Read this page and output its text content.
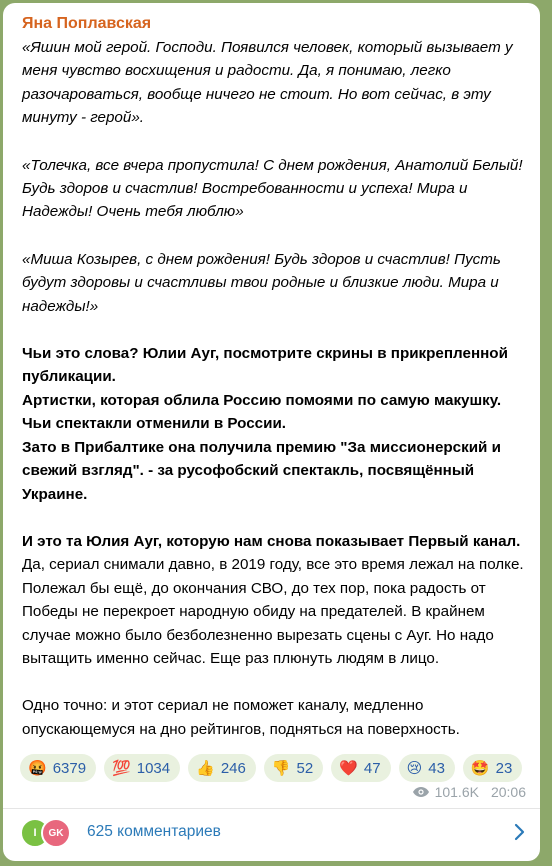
Яна Поплавская

«Яшин мой герой. Господи. Появился человек, который вызывает у меня чувство восхищения и радости. Да, я понимаю, легко разочароваться, вообще ничего не стоит. Но вот сейчас, в эту минуту - герой».

«Толечка, все вчера пропустила! С днем рождения, Анатолий Белый! Будь здоров и счастлив! Востребованности и успеха! Мира и Надежды! Очень тебя люблю»

«Миша Козырев, с днем рождения! Будь здоров и счастлив! Пусть будут здоровы и счастливы твои родные и близкие люди. Мира и надежды!»

Чьи это слова? Юлии Ауг, посмотрите скрины в прикрепленной публикации.
Артистки, которая облила Россию помоями по самую макушку. Чьи спектакли отменили в России.
Зато в Прибалтике она получила премию "За миссионерский и свежий взгляд". - за русофобский спектакль, посвящённый Украине.

И это та Юлия Ауг, которую нам снова показывает Первый канал.

Да, сериал снимали давно, в 2019 году, все это время лежал на полке. Полежал бы ещё, до окончания СВО, до тех пор, пока радость от Победы не перекроет народную обиду на предателей. В крайнем случае можно было безболезненно вырезать сцены с Ауг. Но надо вытащить именно сейчас. Еще раз плюнуть людям в лицо.

Одно точно: и этот сериал не поможет каналу, медленно опускающемуся на дно рейтингов, подняться на поверхность.

🤬 6379 💯 1034 👍 246 👎 52 ❤️ 47 😢 43 🤩 23
101.6K 20:06
I	GK	625 комментариев
